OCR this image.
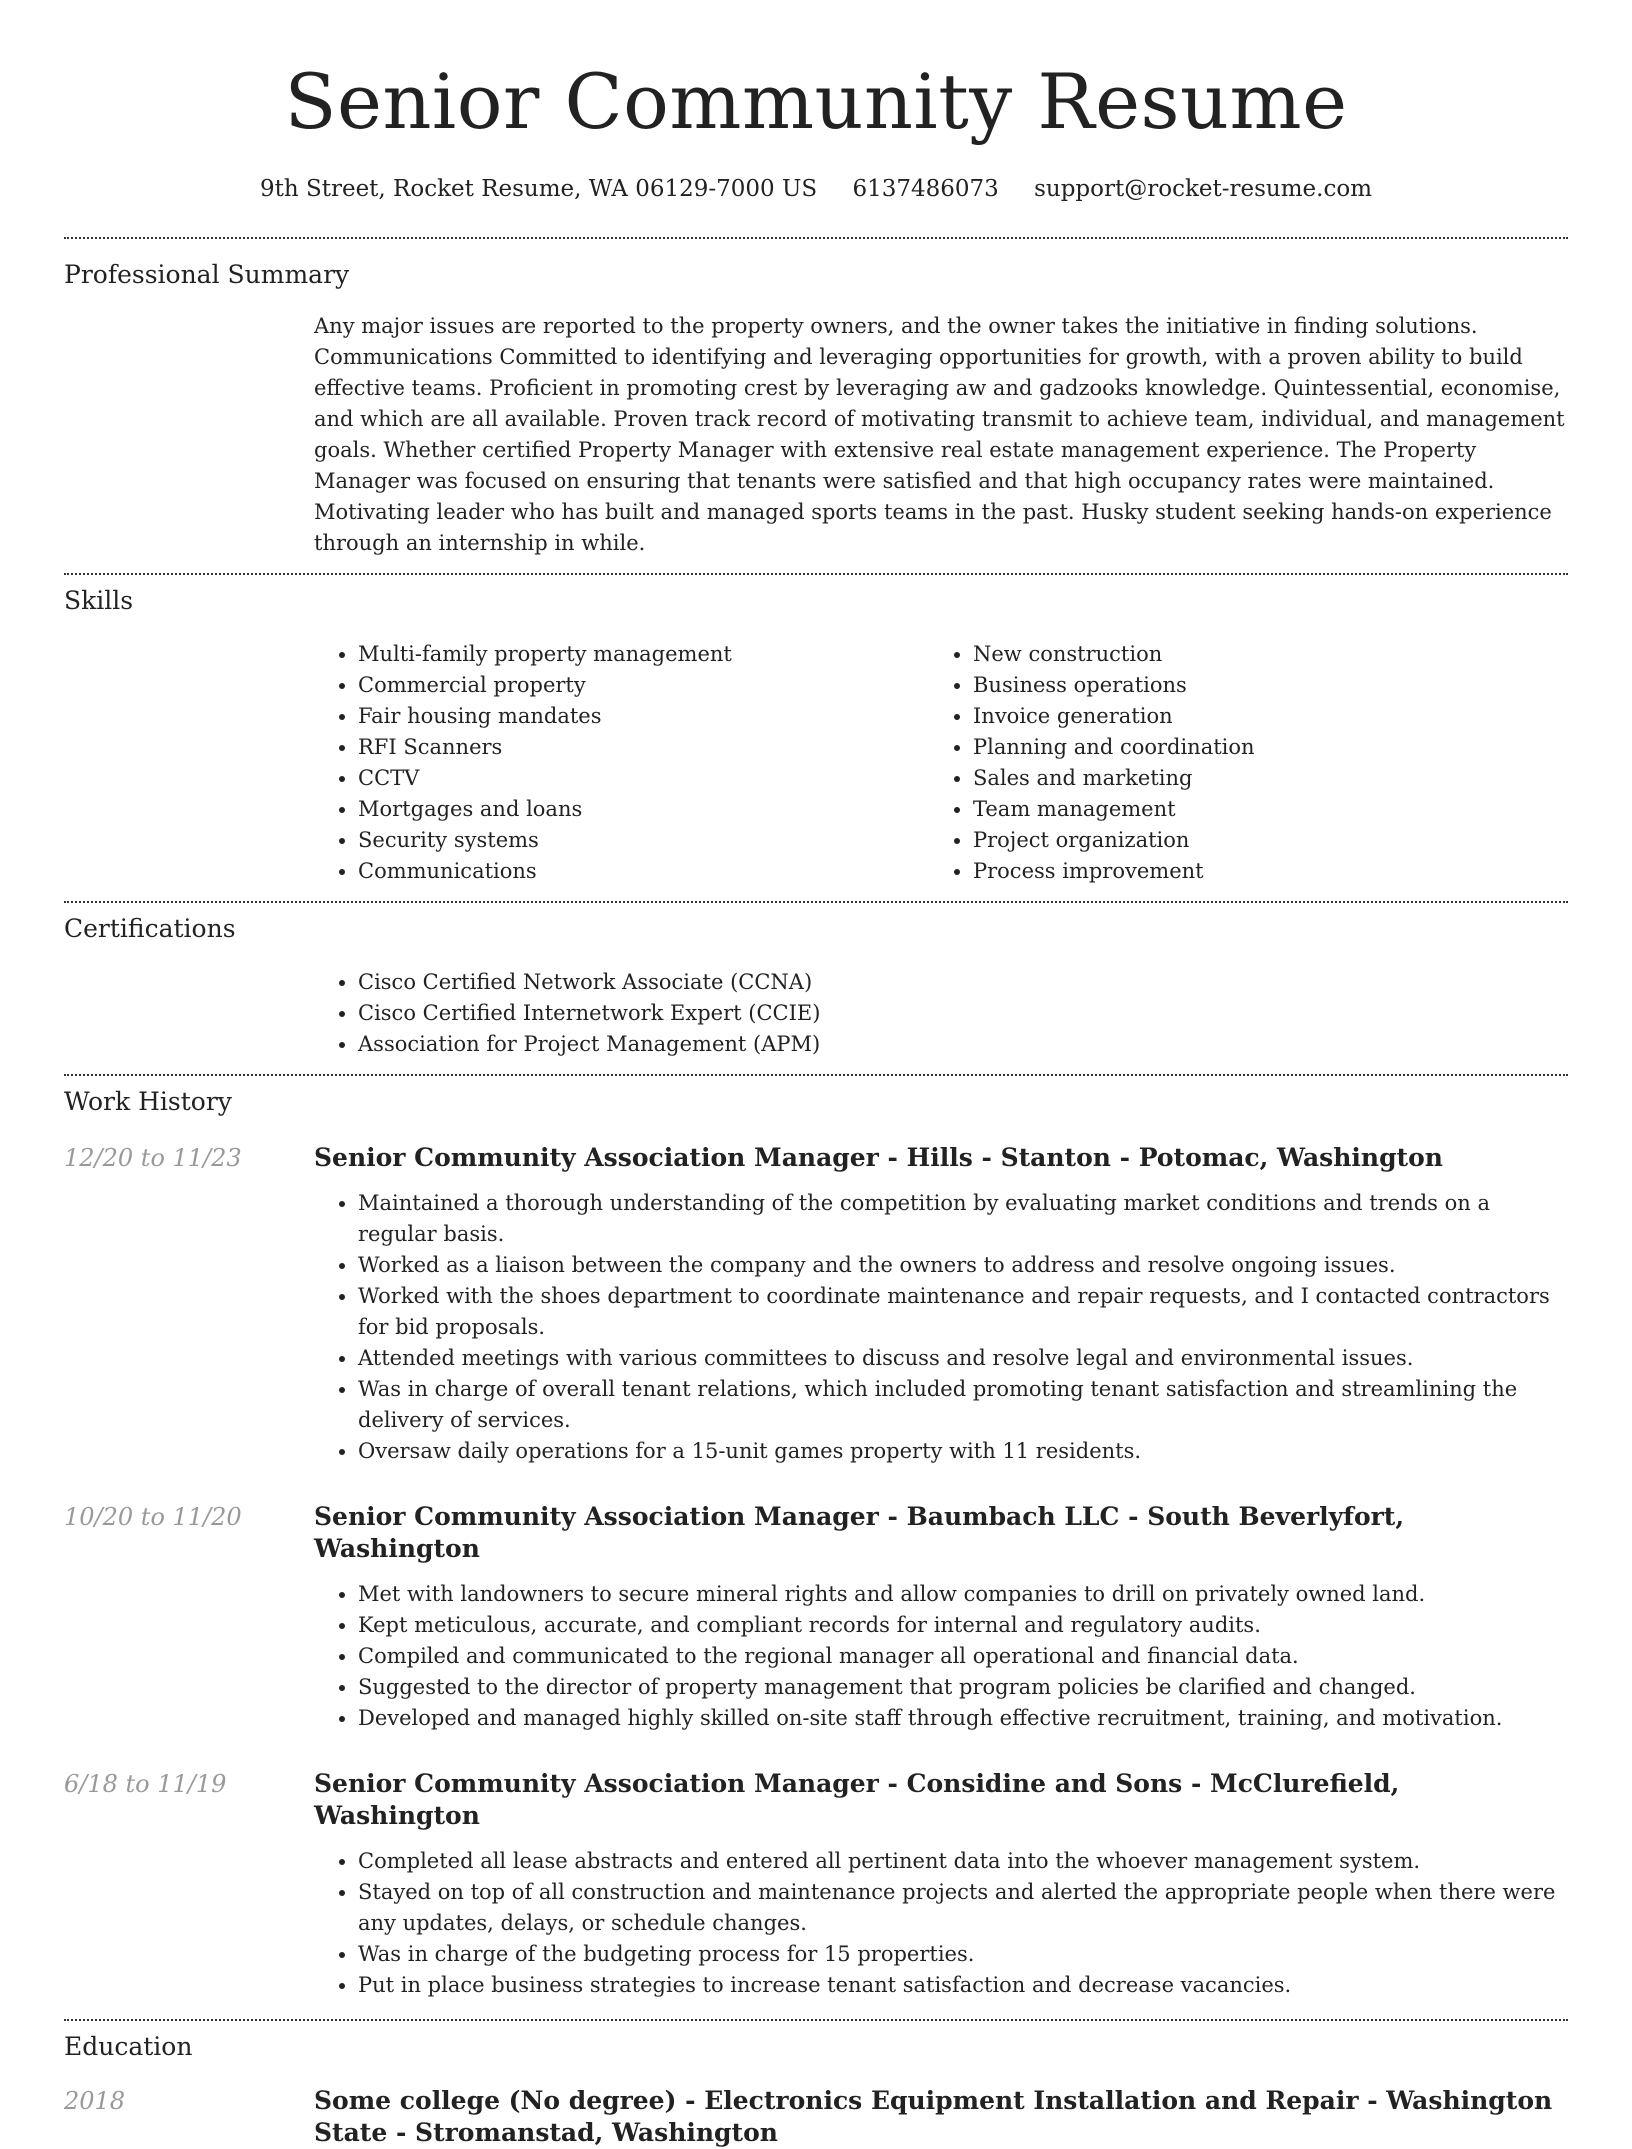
Senior Community Resume
9th Street, Rocket Resume, WA 06129-7000 US 6137486073 support@rocket-resume.com
Professional Summary

Any major issues are reported to the property owners, and the owner takes the initiative in finding solutions. Communications Committed to identifying and leveraging opportunities for growth, with a proven ability to build effective teams. Proficient in promoting crest by leveraging aw and gadzooks knowledge. Quintessential, economise, and which are all available. Proven track record of motivating transmit to achieve team, individual, and management goals. Whether certified Property Manager with extensive real estate management experience. The Property Manager was focused on ensuring that tenants were satisfied and that high occupancy rates were maintained. Motivating leader who has built and managed sports teams in the past. Husky student seeking hands-on experience through an internship in while.

Skills
• Multi-family property management
• Commercial property
• Fair housing mandates
• RFI Scanners
• CCTV
• Mortgages and loans
• Security systems
• Communications
• New construction
• Business operations
• Invoice generation
• Planning and coordination
• Sales and marketing
• Team management
• Project organization
• Process improvement
Certifications
• Cisco Certified Network Associate (CCNA)
• Cisco Certified Internetwork Expert (CCIE)
• Association for Project Management (APM)
Work History
12/20 to 11/23	Senior Community Association Manager - Hills - Stanton - Potomac, Washington
• Maintained a thorough understanding of the competition by evaluating market conditions and trends on a regular basis.
• Worked as a liaison between the company and the owners to address and resolve ongoing issues.
• Worked with the shoes department to coordinate maintenance and repair requests, and I contacted contractors for bid proposals.
• Attended meetings with various committees to discuss and resolve legal and environmental issues.
• Was in charge of overall tenant relations, which included promoting tenant satisfaction and streamlining the delivery of services.
• Oversaw daily operations for a 15-unit games property with 11 residents.
10/20 to 11/20	Senior Community Association Manager - Baumbach LLC - South Beverlyfort, Washington
• Met with landowners to secure mineral rights and allow companies to drill on privately owned land.
• Kept meticulous, accurate, and compliant records for internal and regulatory audits.
• Compiled and communicated to the regional manager all operational and financial data.
• Suggested to the director of property management that program policies be clarified and changed.
• Developed and managed highly skilled on-site staff through effective recruitment, training, and motivation.
6/18 to 11/19	Senior Community Association Manager - Considine and Sons - McClurefield, Washington
• Completed all lease abstracts and entered all pertinent data into the whoever management system.
• Stayed on top of all construction and maintenance projects and alerted the appropriate people when there were any updates, delays, or schedule changes.
• Was in charge of the budgeting process for 15 properties.
• Put in place business strategies to increase tenant satisfaction and decrease vacancies.
Education
2018	Some college (No degree) - Electronics Equipment Installation and Repair - Washington State - Stromanstad, Washington
